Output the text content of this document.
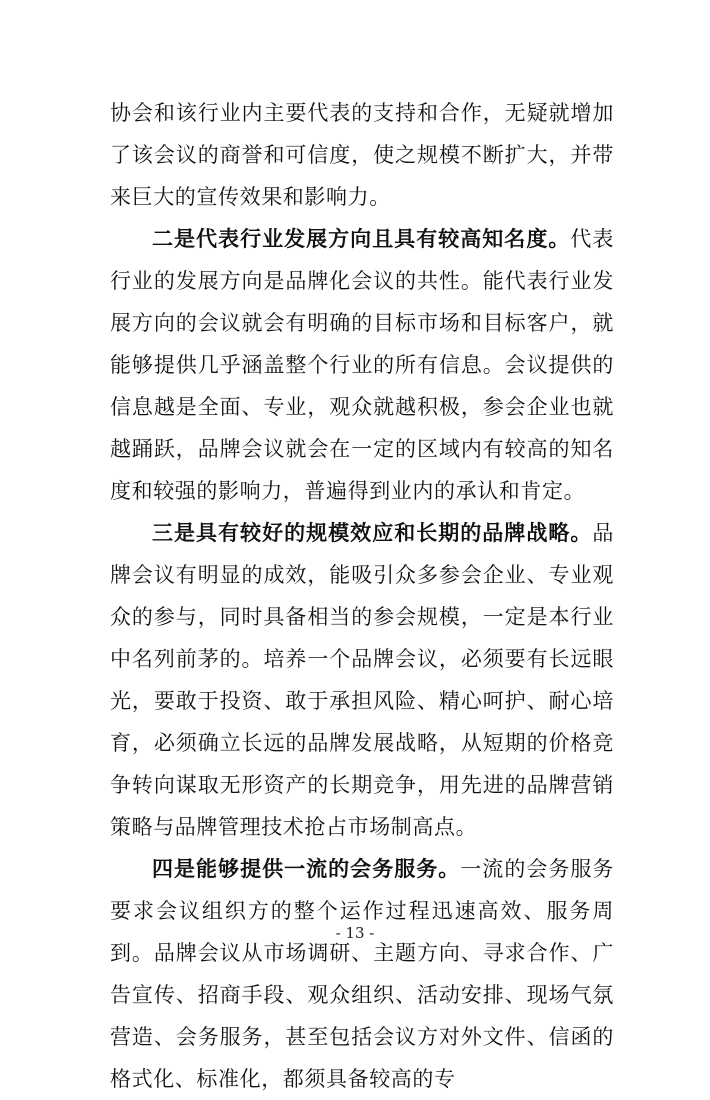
协会和该行业内主要代表的支持和合作，无疑就增加了该会议的商誉和可信度，使之规模不断扩大，并带来巨大的宣传效果和影响力。

二是代表行业发展方向且具有较高知名度。代表行业的发展方向是品牌化会议的共性。能代表行业发展方向的会议就会有明确的目标市场和目标客户，就能够提供几乎涵盖整个行业的所有信息。会议提供的信息越是全面、专业，观众就越积极，参会企业也就越踊跃，品牌会议就会在一定的区域内有较高的知名度和较强的影响力，普遍得到业内的承认和肯定。

三是具有较好的规模效应和长期的品牌战略。品牌会议有明显的成效，能吸引众多参会企业、专业观众的参与，同时具备相当的参会规模，一定是本行业中名列前茅的。培养一个品牌会议，必须要有长远眼光，要敢于投资、敢于承担风险、精心呵护、耐心培育，必须确立长远的品牌发展战略，从短期的价格竞争转向谋取无形资产的长期竞争，用先进的品牌营销策略与品牌管理技术抢占市场制高点。

四是能够提供一流的会务服务。一流的会务服务要求会议组织方的整个运作过程迅速高效、服务周到。品牌会议从市场调研、主题方向、寻求合作、广告宣传、招商手段、观众组织、活动安排、现场气氛营造、会务服务，甚至包括会议方对外文件、信函的格式化、标准化，都须具备较高的专

- 13 -
